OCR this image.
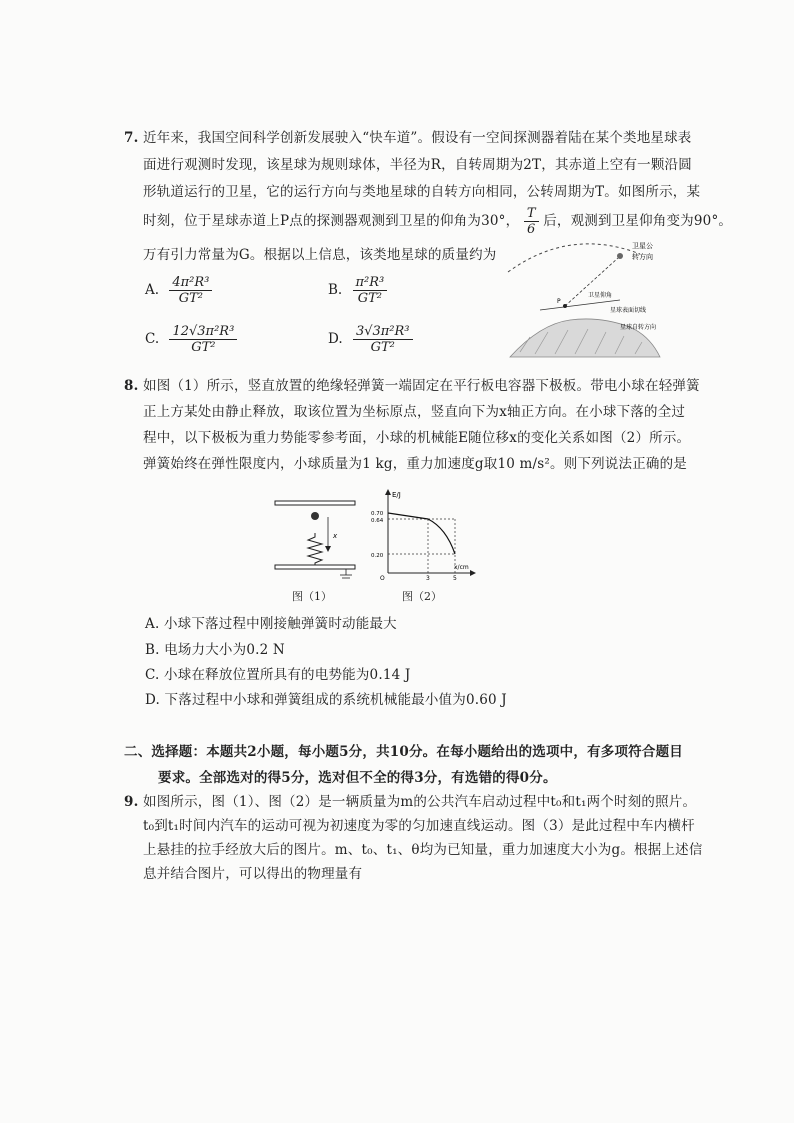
7. 近年来，我国空间科学创新发展驶入“快车道”。假设有一空间探测器着陆在某个类地星球表
面进行观测时发现，该星球为规则球体，半径为R，自转周期为2T，其赤道上空有一颗沿圆
形轨道运行的卫星，它的运行方向与类地星球的自转方向相同，公转周期为T。如图所示，某
时刻，位于星球赤道上P点的探测器观测到卫星的仰角为30°， $\frac{T}{6}$ 后，观测到卫星仰角变为90°。
万有引力常量为G。根据以上信息，该类地星球的质量约为
A. $\frac{\text{4π²R³}}{\text{GT²}}$	B. $\frac{\text{π²R³}}{\text{GT²}}$
C. $\frac{\text{12√3π²R³}}{\text{GT²}}$	D. $\frac{\text{3√3π²R³}}{\text{GT²}}$
P
卫星公
转方向
卫星仰角
星球表面切线
星球自转方向
8. 如图（1）所示，竖直放置的绝缘轻弹簧一端固定在平行板电容器下极板。带电小球在轻弹簧
正上方某处由静止释放，取该位置为坐标原点，竖直向下为x轴正方向。在小球下落的全过
程中，以下极板为重力势能零参考面，小球的机械能E随位移x的变化关系如图（2）所示。
弹簧始终在弹性限度内，小球质量为1 kg，重力加速度g取10 m/s²。则下列说法正确的是
x
图（1）
E/J
x/cm
O
0.70
0.64
0.20
3	5
图（2）
A. 小球下落过程中刚接触弹簧时动能最大
B. 电场力大小为0.2 N
C. 小球在释放位置所具有的电势能为0.14 J
D. 下落过程中小球和弹簧组成的系统机械能最小值为0.60 J
二、选择题：本题共2小题，每小题5分，共10分。在每小题给出的选项中，有多项符合题目
要求。全部选对的得5分，选对但不全的得3分，有选错的得0分。
9. 如图所示，图（1）、图（2）是一辆质量为m的公共汽车启动过程中t₀和t₁两个时刻的照片。
t₀到t₁时间内汽车的运动可视为初速度为零的匀加速直线运动。图（3）是此过程中车内横杆
上悬挂的拉手经放大后的图片。m、t₀、t₁、θ均为已知量，重力加速度大小为g。根据上述信
息并结合图片，可以得出的物理量有
